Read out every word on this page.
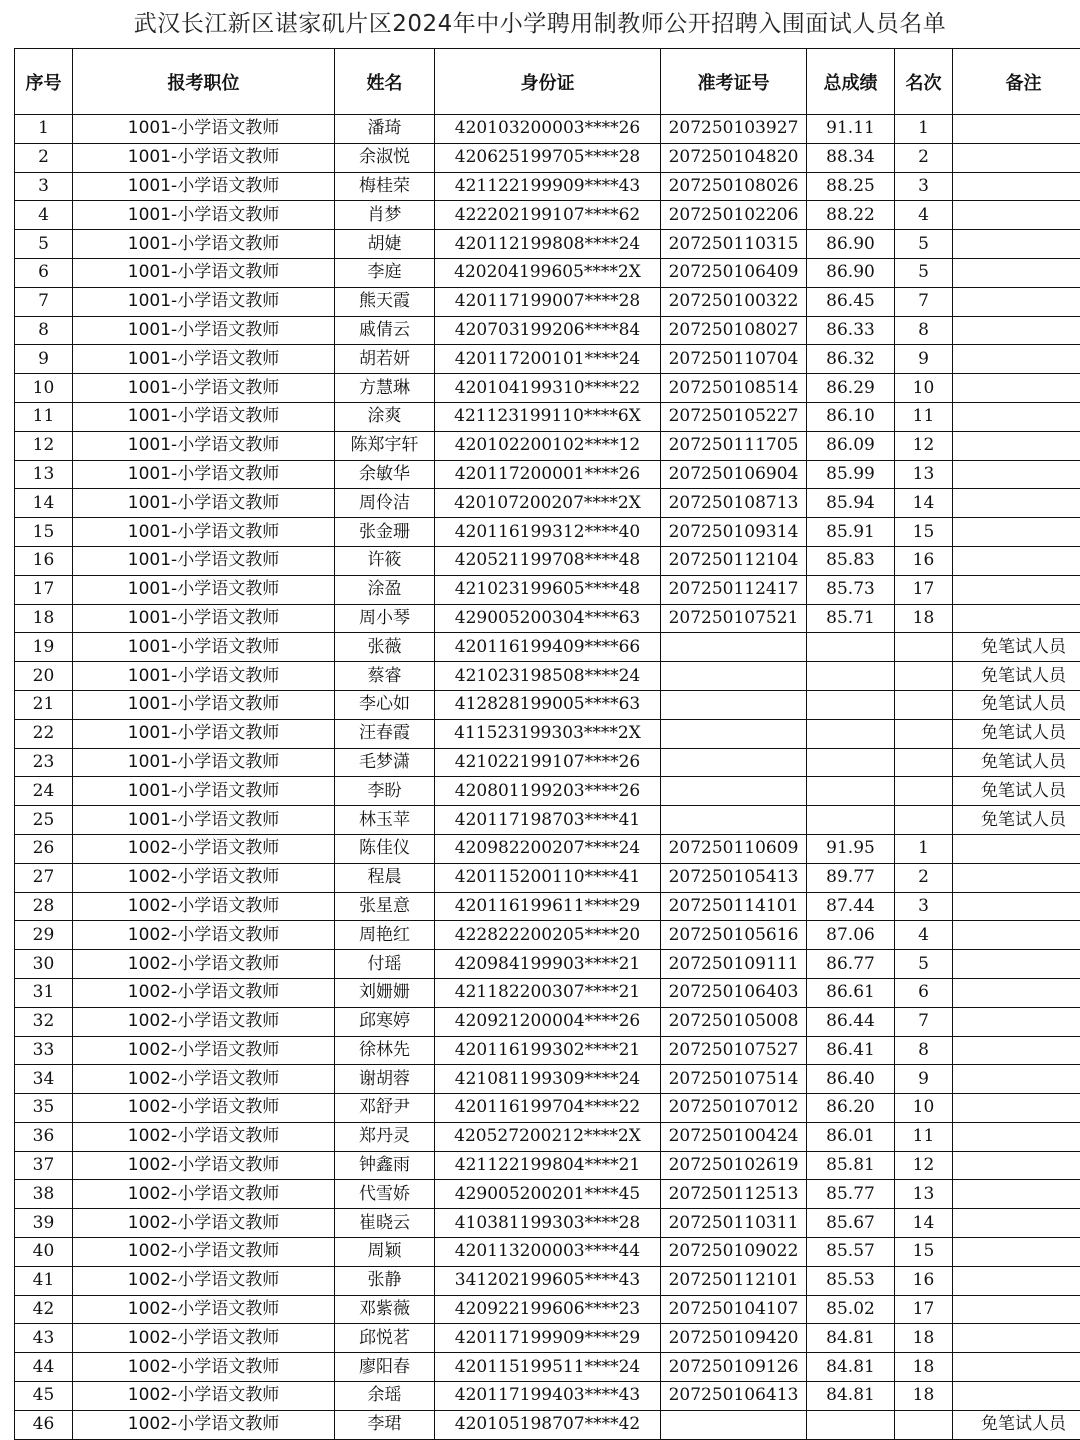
武汉长江新区谌家矶片区2024年中小学聘用制教师公开招聘入围面试人员名单
序号	报考职位	姓名	身份证	准考证号	总成绩	名次	备注
1	1001-小学语文教师	潘琦	420103200003****26	207250103927	91.11	1	
2	1001-小学语文教师	余淑悦	420625199705****28	207250104820	88.34	2	
3	1001-小学语文教师	梅桂荣	421122199909****43	207250108026	88.25	3	
4	1001-小学语文教师	肖梦	422202199107****62	207250102206	88.22	4	
5	1001-小学语文教师	胡婕	420112199808****24	207250110315	86.90	5	
6	1001-小学语文教师	李庭	420204199605****2X	207250106409	86.90	5	
7	1001-小学语文教师	熊天霞	420117199007****28	207250100322	86.45	7	
8	1001-小学语文教师	戚倩云	420703199206****84	207250108027	86.33	8	
9	1001-小学语文教师	胡若妍	420117200101****24	207250110704	86.32	9	
10	1001-小学语文教师	方慧琳	420104199310****22	207250108514	86.29	10	
11	1001-小学语文教师	涂爽	421123199110****6X	207250105227	86.10	11	
12	1001-小学语文教师	陈郑宇轩	420102200102****12	207250111705	86.09	12	
13	1001-小学语文教师	余敏华	420117200001****26	207250106904	85.99	13	
14	1001-小学语文教师	周伶洁	420107200207****2X	207250108713	85.94	14	
15	1001-小学语文教师	张金珊	420116199312****40	207250109314	85.91	15	
16	1001-小学语文教师	许筱	420521199708****48	207250112104	85.83	16	
17	1001-小学语文教师	涂盈	421023199605****48	207250112417	85.73	17	
18	1001-小学语文教师	周小琴	429005200304****63	207250107521	85.71	18	
19	1001-小学语文教师	张薇	420116199409****66				免笔试人员
20	1001-小学语文教师	蔡睿	421023198508****24				免笔试人员
21	1001-小学语文教师	李心如	412828199005****63				免笔试人员
22	1001-小学语文教师	汪春霞	411523199303****2X				免笔试人员
23	1001-小学语文教师	毛梦潇	421022199107****26				免笔试人员
24	1001-小学语文教师	李盼	420801199203****26				免笔试人员
25	1001-小学语文教师	林玉苹	420117198703****41				免笔试人员
26	1002-小学语文教师	陈佳仪	420982200207****24	207250110609	91.95	1	
27	1002-小学语文教师	程晨	420115200110****41	207250105413	89.77	2	
28	1002-小学语文教师	张星意	420116199611****29	207250114101	87.44	3	
29	1002-小学语文教师	周艳红	422822200205****20	207250105616	87.06	4	
30	1002-小学语文教师	付瑶	420984199903****21	207250109111	86.77	5	
31	1002-小学语文教师	刘姗姗	421182200307****21	207250106403	86.61	6	
32	1002-小学语文教师	邱寒婷	420921200004****26	207250105008	86.44	7	
33	1002-小学语文教师	徐林先	420116199302****21	207250107527	86.41	8	
34	1002-小学语文教师	谢胡蓉	421081199309****24	207250107514	86.40	9	
35	1002-小学语文教师	邓舒尹	420116199704****22	207250107012	86.20	10	
36	1002-小学语文教师	郑丹灵	420527200212****2X	207250100424	86.01	11	
37	1002-小学语文教师	钟鑫雨	421122199804****21	207250102619	85.81	12	
38	1002-小学语文教师	代雪娇	429005200201****45	207250112513	85.77	13	
39	1002-小学语文教师	崔晓云	410381199303****28	207250110311	85.67	14	
40	1002-小学语文教师	周颖	420113200003****44	207250109022	85.57	15	
41	1002-小学语文教师	张静	341202199605****43	207250112101	85.53	16	
42	1002-小学语文教师	邓紫薇	420922199606****23	207250104107	85.02	17	
43	1002-小学语文教师	邱悦茗	420117199909****29	207250109420	84.81	18	
44	1002-小学语文教师	廖阳春	420115199511****24	207250109126	84.81	18	
45	1002-小学语文教师	余瑶	420117199403****43	207250106413	84.81	18	
46	1002-小学语文教师	李珺	420105198707****42				免笔试人员
